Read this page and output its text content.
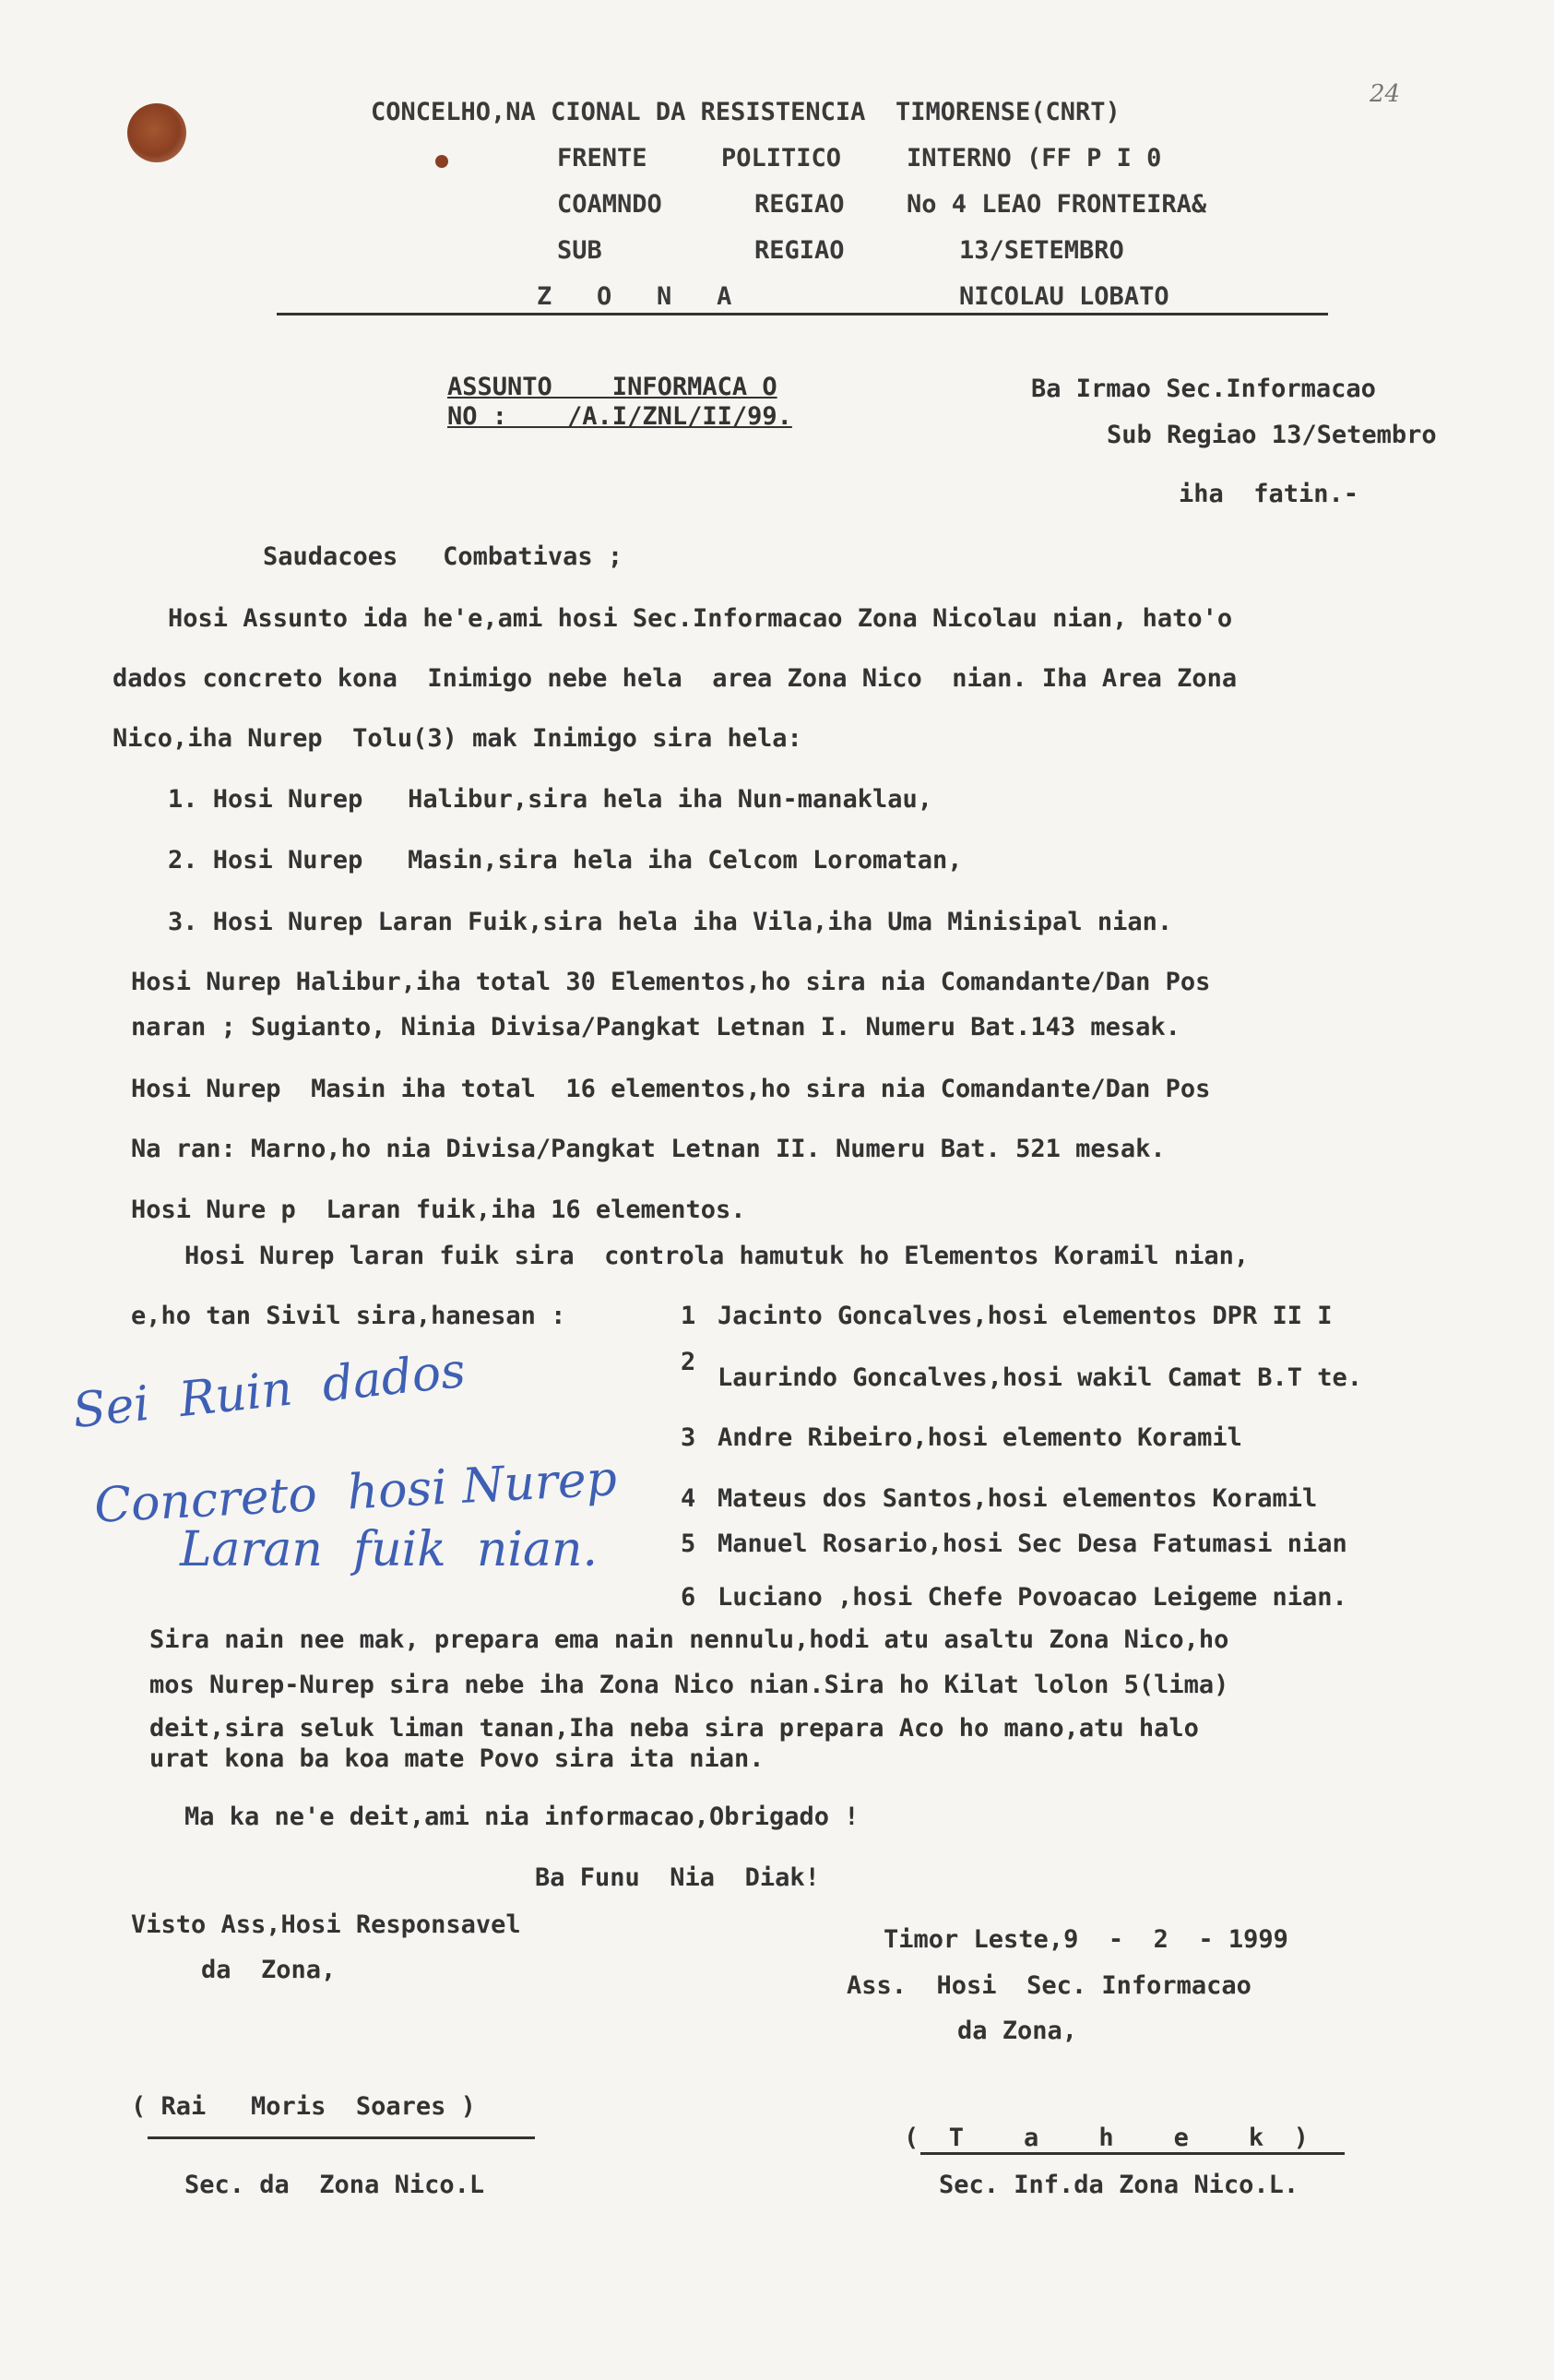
24
CONCELHO,NA CIONAL DA RESISTENCIA  TIMORENSE(CNRT)
FRENTE	POLITICO	INTERNO (FF P I 0
COAMNDO	REGIAO No 4 LEAO FRONTEIRA&
SUB	REGIAO	13/SETEMBRO
Z   O   N   A	NICOLAU LOBATO
ASSUNTO    INFORMACA O
NO :    /A.I/ZNL/II/99.
Ba Irmao Sec.Informacao
Sub Regiao 13/Setembro
iha  fatin.-
Saudacoes   Combativas ;
Hosi Assunto ida he'e,ami hosi Sec.Informacao Zona Nicolau nian, hato'o
dados concreto kona  Inimigo nebe hela  area Zona Nico  nian. Iha Area Zona
Nico,iha Nurep  Tolu(3) mak Inimigo sira hela:
1. Hosi Nurep   Halibur,sira hela iha Nun-manaklau,
2. Hosi Nurep   Masin,sira hela iha Celcom Loromatan,
3. Hosi Nurep Laran Fuik,sira hela iha Vila,iha Uma Minisipal nian.
Hosi Nurep Halibur,iha total 30 Elementos,ho sira nia Comandante/Dan Pos
naran ; Sugianto, Ninia Divisa/Pangkat Letnan I. Numeru Bat.143 mesak.
Hosi Nurep  Masin iha total  16 elementos,ho sira nia Comandante/Dan Pos
Na ran: Marno,ho nia Divisa/Pangkat Letnan II. Numeru Bat. 521 mesak.
Hosi Nure p  Laran fuik,iha 16 elementos.
Hosi Nurep laran fuik sira  controla hamutuk ho Elementos Koramil nian,
e,ho tan Sivil sira,hanesan :	1 Jacinto Goncalves,hosi elementos DPR II I
2
Laurindo Goncalves,hosi wakil Camat B.T te.
3 Andre Ribeiro,hosi elemento Koramil
4 Mateus dos Santos,hosi elementos Koramil
5 Manuel Rosario,hosi Sec Desa Fatumasi nian
6 Luciano ,hosi Chefe Povoacao Leigeme nian.
Sei  Ruin  dados
Concreto  hosi Nurep
Laran  fuik  nian.
Sira nain nee mak, prepara ema nain nennulu,hodi atu asaltu Zona Nico,ho
mos Nurep-Nurep sira nebe iha Zona Nico nian.Sira ho Kilat lolon 5(lima)
deit,sira seluk liman tanan,Iha neba sira prepara Aco ho mano,atu halo
urat kona ba koa mate Povo sira ita nian.
Ma ka ne'e deit,ami nia informacao,Obrigado !
Ba Funu  Nia  Diak!
Visto Ass,Hosi Responsavel
da  Zona,
Timor Leste,9  -  2  - 1999
Ass.  Hosi  Sec. Informacao
da Zona,
( Rai   Moris  Soares )
Sec. da  Zona Nico.L
(  T    a    h    e    k  )
Sec. Inf.da Zona Nico.L.
